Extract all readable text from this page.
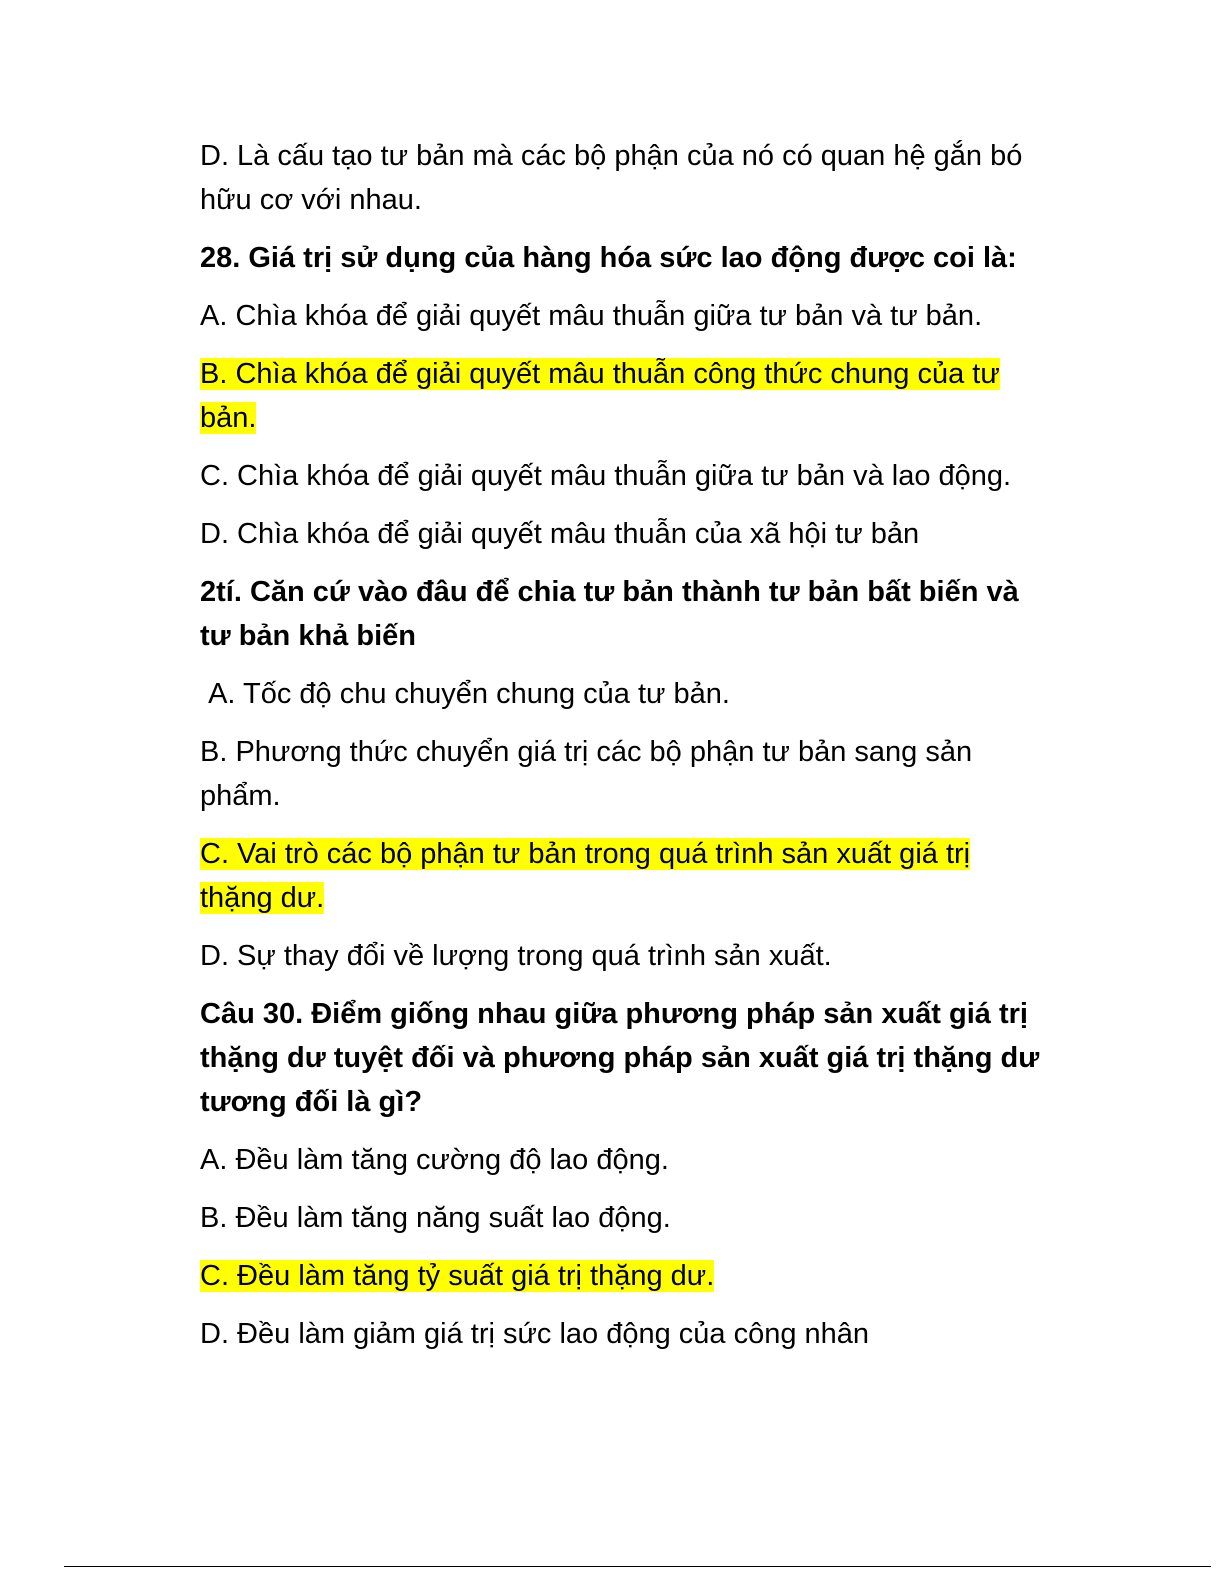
D. Là cấu tạo tư bản mà các bộ phận của nó có quan hệ gắn bó hữu cơ với nhau.

28. Giá trị sử dụng của hàng hóa sức lao động được coi là:

A. Chìa khóa để giải quyết mâu thuẫn giữa tư bản và tư bản.

B. Chìa khóa để giải quyết mâu thuẫn công thức chung của tư bản.

C. Chìa khóa để giải quyết mâu thuẫn giữa tư bản và lao động.

D. Chìa khóa để giải quyết mâu thuẫn của xã hội tư bản

2tí. Căn cứ vào đâu để chia tư bản thành tư bản bất biến và tư bản khả biến

A. Tốc độ chu chuyển chung của tư bản.

B. Phương thức chuyển giá trị các bộ phận tư bản sang sản phẩm.

C. Vai trò các bộ phận tư bản trong quá trình sản xuất giá trị thặng dư.

D. Sự thay đổi về lượng trong quá trình sản xuất.

Câu 30. Điểm giống nhau giữa phương pháp sản xuất giá trị thặng dư tuyệt đối và phương pháp sản xuất giá trị thặng dư tương đối là gì?

A. Đều làm tăng cường độ lao động.

B. Đều làm tăng năng suất lao động.

C. Đều làm tăng tỷ suất giá trị thặng dư.

D. Đều làm giảm giá trị sức lao động của công nhân
